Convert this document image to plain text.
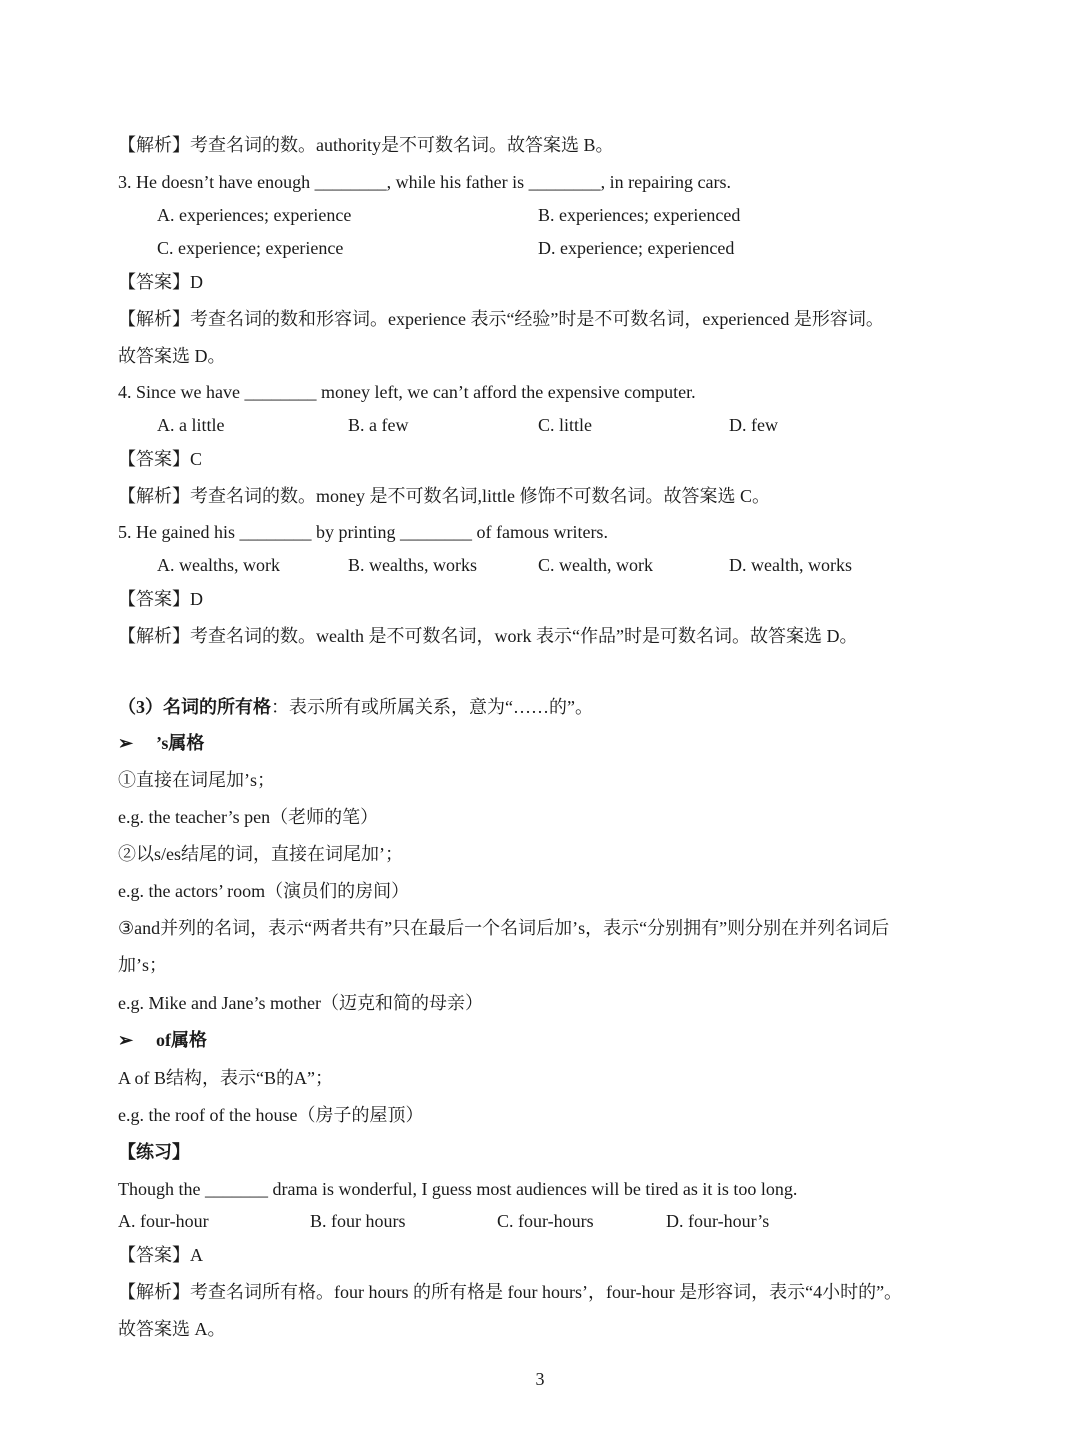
【解析】考查名词的数。authority是不可数名词。故答案选 B。
3. He doesn’t have enough ________, while his father is ________, in repairing cars.
A. experiences; experience	B. experiences; experienced
C. experience; experience	D. experience; experienced
【答案】D
【解析】考查名词的数和形容词。experience 表示“经验”时是不可数名词，experienced 是形容词。
故答案选 D。
4. Since we have ________ money left, we can’t afford the expensive computer.
A. a little	B. a few	C. little	D. few
【答案】C
【解析】考查名词的数。money 是不可数名词,little 修饰不可数名词。故答案选 C。
5. He gained his ________ by printing ________ of famous writers.
A. wealths, work	B. wealths, works	C. wealth, work	D. wealth, works
【答案】D
【解析】考查名词的数。wealth 是不可数名词，work 表示“作品”时是可数名词。故答案选 D。
（3）名词的所有格：表示所有或所属关系，意为“……的”。
➢ ’s属格
①直接在词尾加’s；
e.g. the teacher’s pen（老师的笔）
②以s/es结尾的词，直接在词尾加’；
e.g. the actors’ room（演员们的房间）
③and并列的名词，表示“两者共有”只在最后一个名词后加’s，表示“分别拥有”则分别在并列名词后
加’s；
e.g. Mike and Jane’s mother（迈克和简的母亲）
➢ of属格
A of B结构，表示“B的A”；
e.g. the roof of the house（房子的屋顶）
【练习】
Though the _______ drama is wonderful, I guess most audiences will be tired as it is too long.
A. four-hour	B. four hours	C. four-hours	D. four-hour’s
【答案】A
【解析】考查名词所有格。four hours 的所有格是 four hours’，four-hour 是形容词，表示“4小时的”。
故答案选 A。
3
